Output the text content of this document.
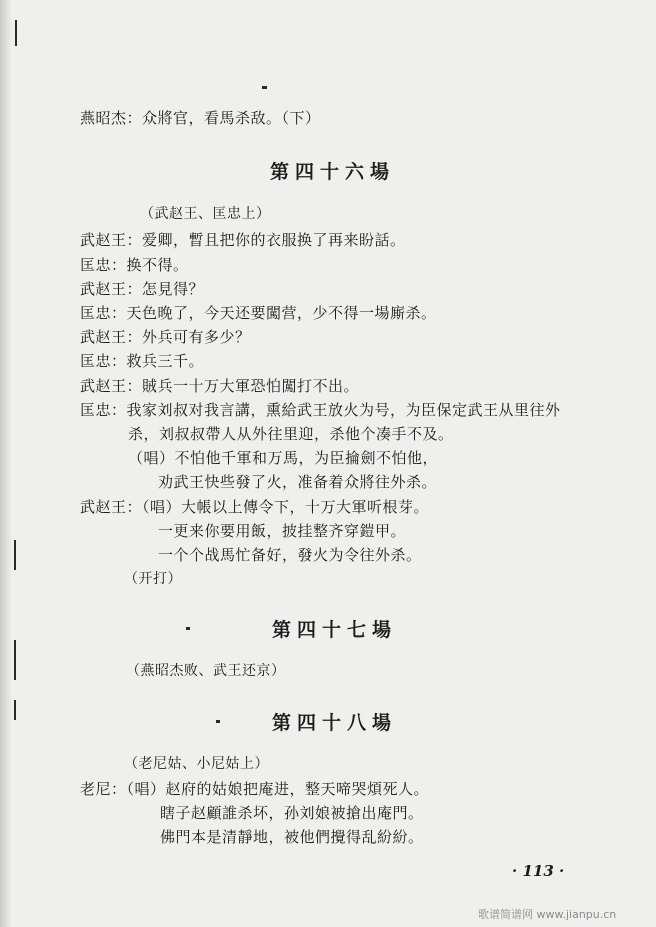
燕昭杰：众將官，看馬杀敌。（下）
第四十六場
（武赵王、匡忠上）
武赵王：爱卿，暫且把你的衣服换了再来盼話。
匡忠：换不得。
武赵王：怎見得？
匡忠：天色晚了，今天还要闖营，少不得一場廝杀。
武赵王：外兵可有多少？
匡忠：救兵三千。
武赵王：賊兵一十万大軍恐怕闖打不出。
匡忠：我家刘叔对我言講，熏給武王放火为号，为臣保定武王从里往外
杀，刘叔叔帶人从外往里迎，杀他个凑手不及。
（唱）不怕他千軍和万馬，为臣掄劍不怕他，
劝武王快些發了火，准备着众將往外杀。
武赵王：（唱）大帳以上傳令下，十万大軍听根芽。
一更来你要用飯，披挂整齐穿鎧甲。
一个个战馬忙备好，發火为令往外杀。
（开打）
第四十七場
（燕昭杰败、武王还京）
第四十八場
（老尼姑、小尼姑上）
老尼：（唱）赵府的姑娘把庵进，整天啼哭煩死人。
瞎子赵顧誰杀坏，孙刘娘被搶出庵門。
佛門本是清靜地，被他們攪得乱紛紛。
· 113 ·
歌谱简谱网 www.jianpu.cn
